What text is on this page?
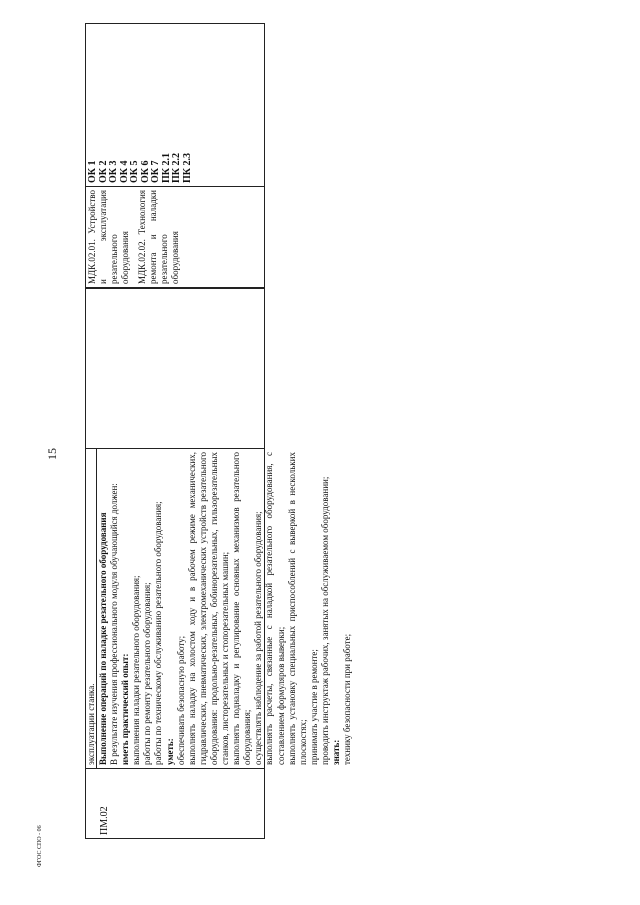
15
ПМ.02
эксплуатации станка. Выполнение операций по наладке резательного оборудования В результате изучения профессионального модуля обучающийся должен: иметь практический опыт: выполнения наладки резательного оборудования; работы по ремонту резательного оборудования; работы по техническому обслуживанию резательного оборудования; уметь: обеспечивать безопасную работу; выполнять наладку на холостом ходу и в рабочем режиме механических, гидравлических, пневматических, электромеханических устройств резательного оборудования: продольно-резательных, бобинорезательных, гильзорезательных станков, листорезательных и стопорезательных машин; выполнять подналадку и регулирование основных механизмов резательного оборудования; осуществлять наблюдение за работой резательного оборудования; выполнять расчеты, связанные с наладкой резательного оборудования, с составлением формуляров выверки; выполнять установку специальных приспособлений с выверкой в нескольких плоскостях; принимать участие в ремонте; проводить инструктаж рабочих, занятых на обслуживаемом оборудовании; знать: технику безопасности при работе;
МДК.02.01. Устройство и эксплуатация резательного оборудования МДК.02.02. Технология ремонта и наладки резательного оборудования
ОК 1 ОК 2 ОК 3 ОК 4 ОК 5 ОК 6 ОК 7 ПК 2.1 ПК 2.2 ПК 2.3
ФГОС СПО - 06
